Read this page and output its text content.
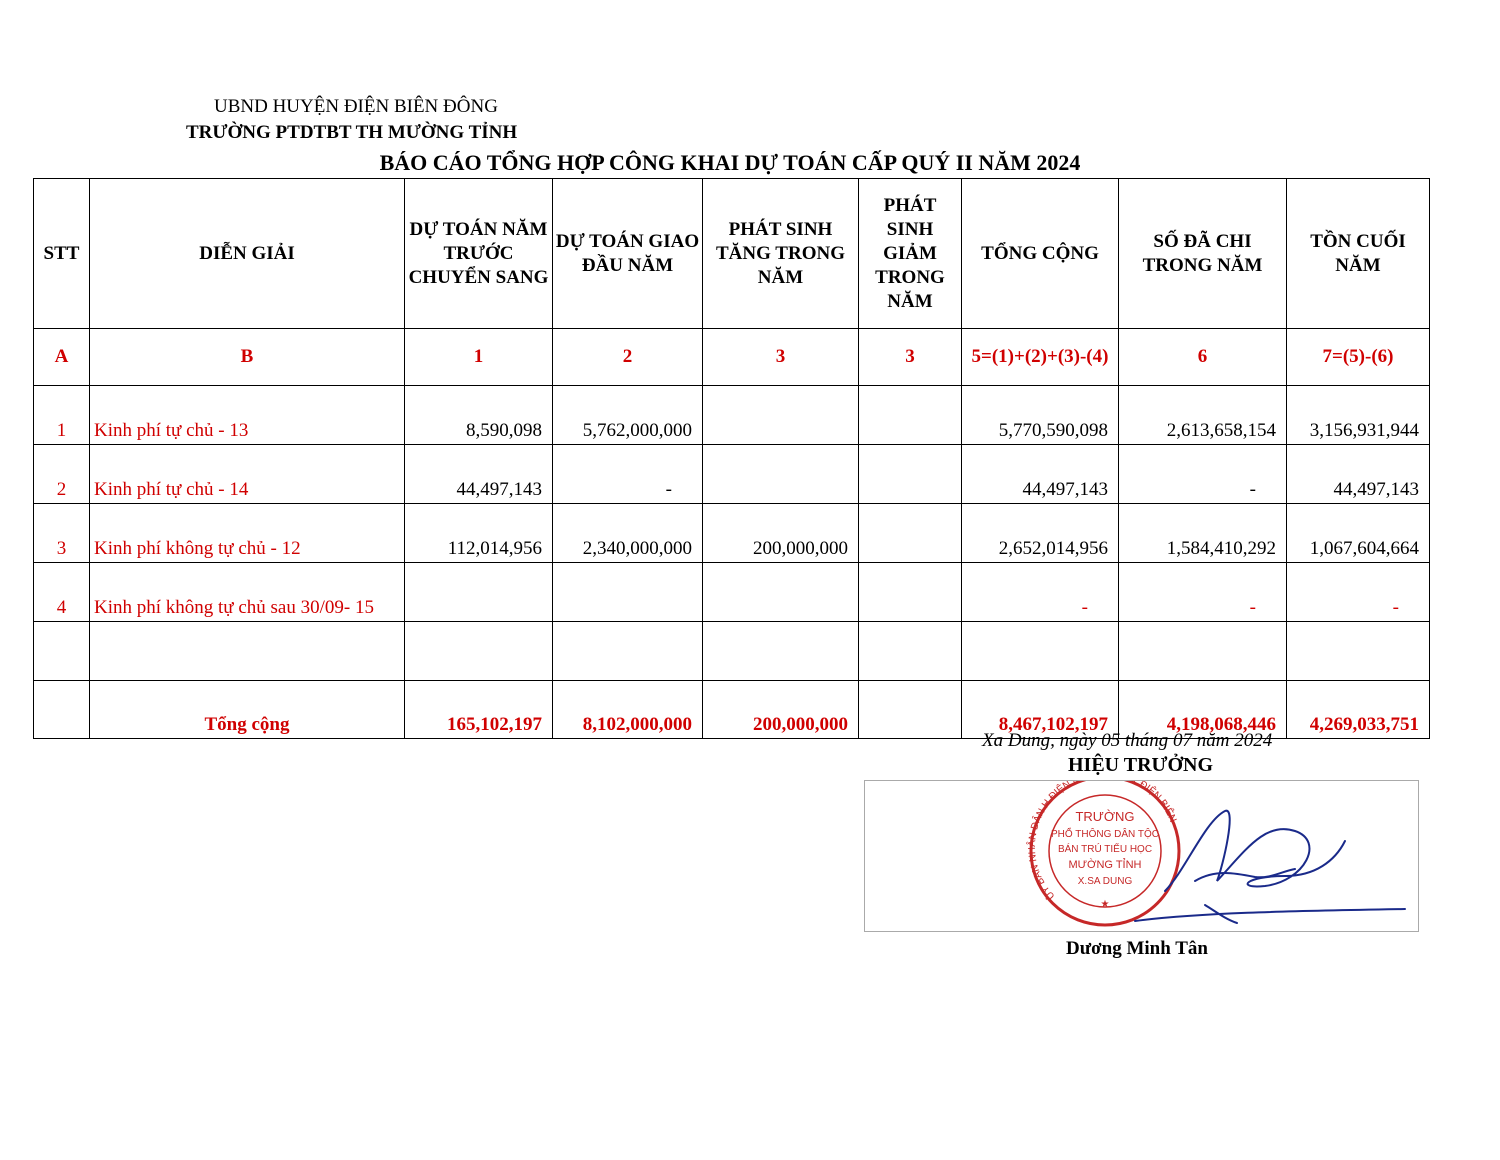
UBND HUYỆN ĐIỆN BIÊN ĐÔNG
TRƯỜNG PTDTBT TH MƯỜNG TỈNH
BÁO CÁO TỔNG HỢP CÔNG KHAI DỰ TOÁN CẤP QUÝ II NĂM 2024
STT	DIỄN GIẢI	DỰ TOÁN NĂM TRƯỚC CHUYỂN SANG	DỰ TOÁN GIAO ĐẦU NĂM	PHÁT SINH TĂNG TRONG NĂM	PHÁT SINH GIẢM TRONG NĂM	TỔNG CỘNG	SỐ ĐÃ CHI TRONG NĂM	TỒN CUỐI NĂM
A	B	1	2	3	3	5=(1)+(2)+(3)-(4)	6	7=(5)-(6)
1	Kinh phí tự chủ - 13	8,590,098	5,762,000,000			5,770,590,098	2,613,658,154	3,156,931,944
2	Kinh phí tự chủ - 14	44,497,143	-			44,497,143	-	44,497,143
3	Kinh phí không tự chủ - 12	112,014,956	2,340,000,000	200,000,000		2,652,014,956	1,584,410,292	1,067,604,664
4	Kinh phí không tự chủ sau 30/09- 15					-	-	-

	Tổng cộng	165,102,197	8,102,000,000	200,000,000		8,467,102,197	4,198,068,446	4,269,033,751
Xa Dung, ngày 05 tháng 07 năm 2024
HIỆU TRƯỞNG
ỦY BAN NHÂN DÂN H ĐIỆN ĐIỆN BIÊN
TRƯỜNG
PHỔ THÔNG DÂN TỘC
BÁN TRÚ TIỂU HỌC
MƯỜNG TỈNH
X.SA DUNG
★
Dương Minh Tân
